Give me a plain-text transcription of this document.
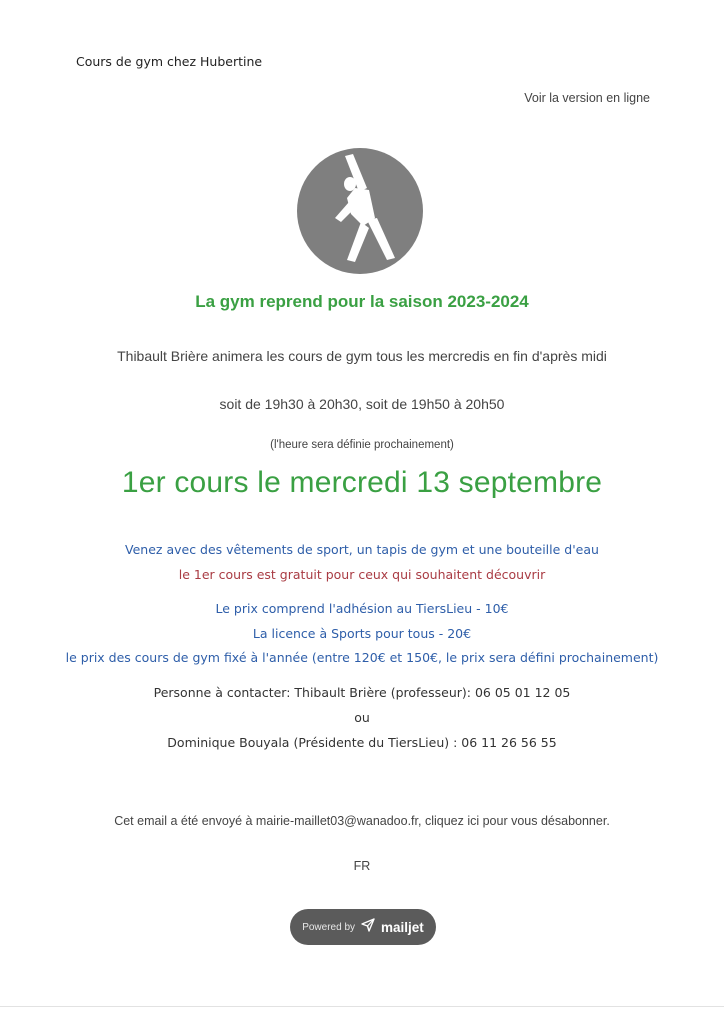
Cours de gym chez Hubertine
Voir la version en ligne
La gym reprend pour la saison 2023-2024
Thibault Brière animera les cours de gym tous les mercredis en fin d'après midi
soit de 19h30 à 20h30, soit de 19h50 à 20h50
(l'heure sera définie prochainement)
1er cours le mercredi 13 septembre
Venez avec des vêtements de sport, un tapis de gym et une bouteille d'eau
le 1er cours est gratuit pour ceux qui souhaitent découvrir
Le prix comprend l'adhésion au TiersLieu - 10€
La licence à Sports pour tous - 20€
le prix des cours de gym fixé à l'année (entre 120€ et 150€, le prix sera défini prochainement)
Personne à contacter: Thibault Brière (professeur): 06 05 01 12 05
ou
Dominique Bouyala (Présidente du TiersLieu) : 06 11 26 56 55
Cet email a été envoyé à mairie-maillet03@wanadoo.fr, cliquez ici pour vous désabonner.
FR
Powered by mailjet
